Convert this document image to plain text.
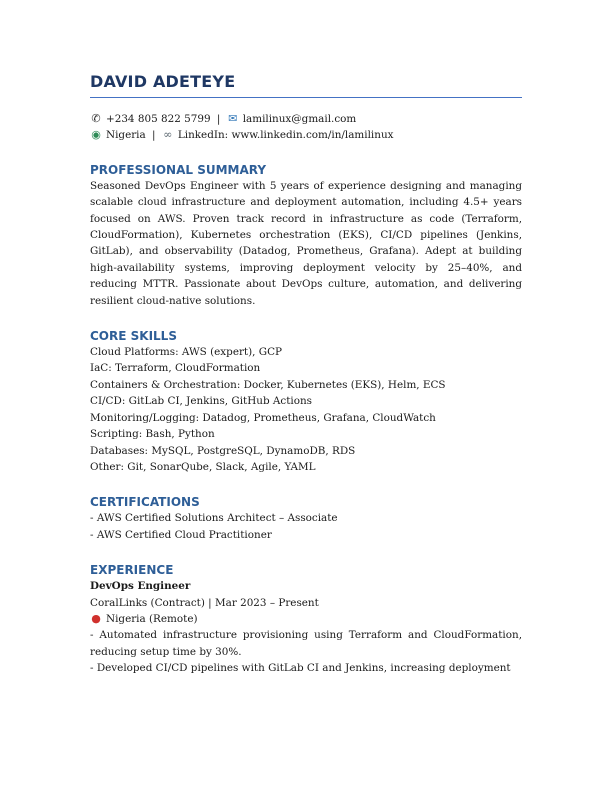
DAVID ADETEYE
✆ +234 805 822 5799 | ✉ lamilinux@gmail.com
◉ Nigeria | ∞ LinkedIn: www.linkedin.com/in/lamilinux
PROFESSIONAL SUMMARY

Seasoned DevOps Engineer with 5 years of experience designing and managing scalable cloud infrastructure and deployment automation, including 4.5+ years focused on AWS. Proven track record in infrastructure as code (Terraform, CloudFormation), Kubernetes orchestration (EKS), CI/CD pipelines (Jenkins, GitLab), and observability (Datadog, Prometheus, Grafana). Adept at building high-availability systems, improving deployment velocity by 25–40%, and reducing MTTR. Passionate about DevOps culture, automation, and delivering resilient cloud-native solutions.

CORE SKILLS
Cloud Platforms: AWS (expert), GCP
IaC: Terraform, CloudFormation
Containers & Orchestration: Docker, Kubernetes (EKS), Helm, ECS
CI/CD: GitLab CI, Jenkins, GitHub Actions
Monitoring/Logging: Datadog, Prometheus, Grafana, CloudWatch
Scripting: Bash, Python
Databases: MySQL, PostgreSQL, DynamoDB, RDS
Other: Git, SonarQube, Slack, Agile, YAML
CERTIFICATIONS
- AWS Certified Solutions Architect – Associate
- AWS Certified Cloud Practitioner
EXPERIENCE
DevOps Engineer
CoralLinks (Contract) | Mar 2023 – Present
● Nigeria (Remote)

- Automated infrastructure provisioning using Terraform and CloudFormation, reducing setup time by 30%.

- Developed CI/CD pipelines with GitLab CI and Jenkins, increasing deployment
